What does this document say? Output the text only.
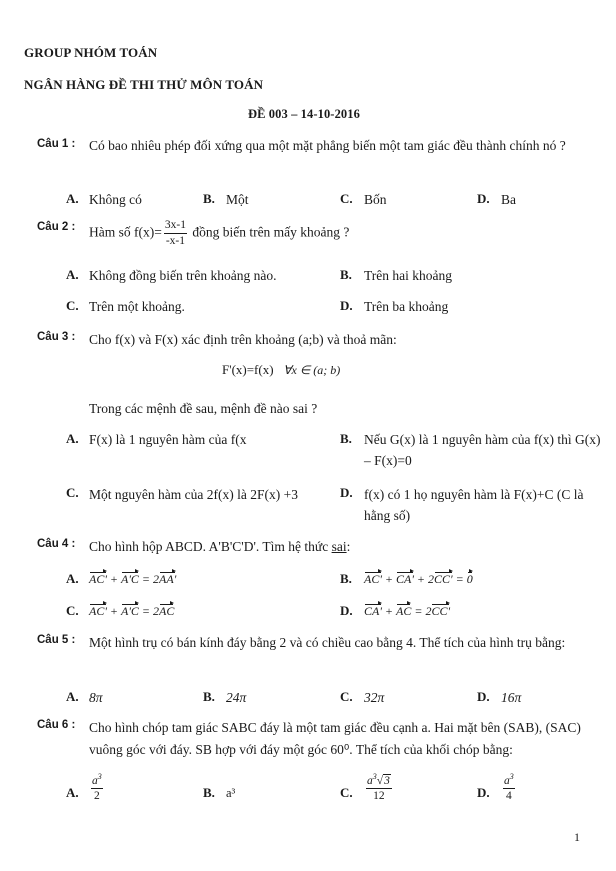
GROUP NHÓM TOÁN
NGÂN HÀNG ĐỀ THI THỬ MÔN TOÁN
ĐỀ 003 – 14-10-2016
Câu 1 : Có bao nhiêu phép đối xứng qua một mặt phẳng biến một tam giác đều thành chính nó ?
A. Không có	B. Một	C. Bốn	D. Ba
Câu 2 : Hàm số $f(x)= \frac{3x-1}{-x-1}$ đồng biến trên mấy khoảng ?
A. Không đồng biến trên khoảng nào.	B. Trên hai khoảng
C. Trên một khoảng.	D. Trên ba khoảng
Câu 3 : Cho f(x) và F(x) xác định trên khoảng (a;b) và thoả mãn:
F'(x)=f(x) ∀x ∈ (a; b)
Trong các mệnh đề sau, mệnh đề nào sai ?
A. F(x) là 1 nguyên hàm của f(x	B. Nếu G(x) là 1 nguyên hàm của f(x) thì G(x) – F(x)=0
C. Một nguyên hàm của 2f(x) là 2F(x) +3	D. f(x) có 1 họ nguyên hàm là F(x)+C (C là hằng số)
Câu 4 : Cho hình hộp ABCD. A'B'C'D'. Tìm hệ thức sai:
A. AC' + A'C = 2AA'	B. AC' + CA' + 2CC' = 0
C. AC' + A'C = 2AC	D. CA' + AC = 2CC'
Câu 5 : Một hình trụ có bán kính đáy bằng 2 và có chiều cao bằng 4. Thể tích của hình trụ bằng:
A. 8π	B. 24π	C. 32π	D. 16π
Câu 6 : Cho hình chóp tam giác SABC đáy là một tam giác đều cạnh a. Hai mặt bên (SAB), (SAC) vuông góc với đáy. SB hợp với đáy một góc 60⁰. Thể tích của khối chóp bằng:
A. $\frac{a^3}{2}$	B. a³	C. $\frac{a^3√3}{12}$	D. $\frac{a^3}{4}$
1
